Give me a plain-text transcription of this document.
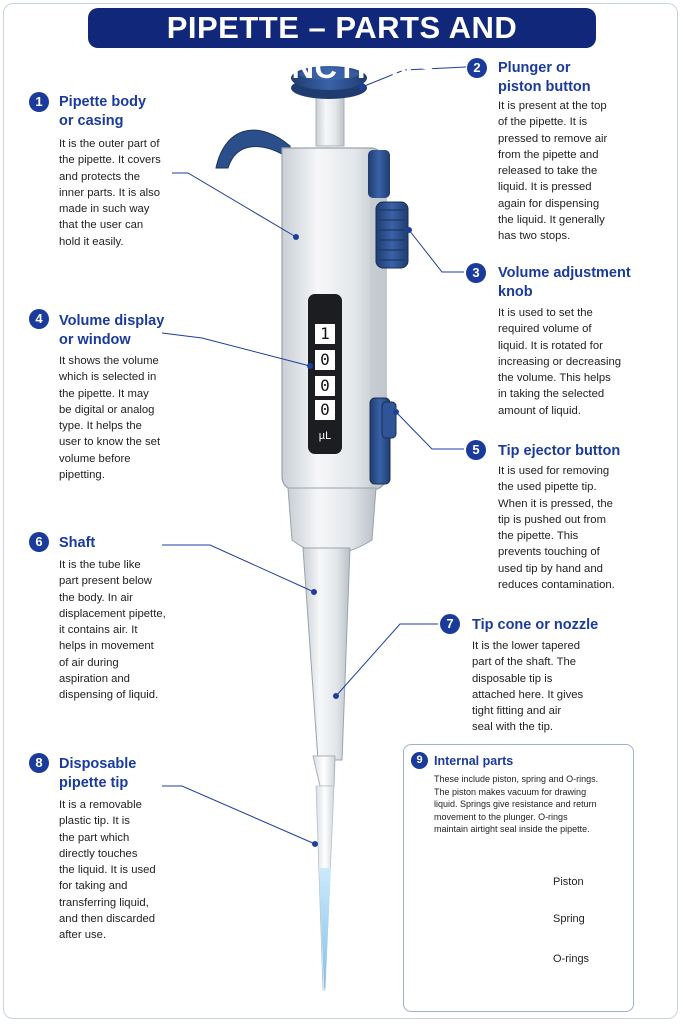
PIPETTE – PARTS AND FUNCTIONS
1
0
0
0
µL
1	Pipette body
or casing
It is the outer part of
the pipette. It covers
and protects the
inner parts. It is also
made in such way
that the user can
hold it easily.
2	Plunger or
piston button
It is present at the top
of the pipette. It is
pressed to remove air
from the pipette and
released to take the
liquid. It is pressed
again for dispensing
the liquid. It generally
has two stops.
3	Volume adjustment
knob
It is used to set the
required volume of
liquid. It is rotated for
increasing or decreasing
the volume. This helps
in taking the selected
amount of liquid.
4	Volume display
or window
It shows the volume
which is selected in
the pipette. It may
be digital or analog
type. It helps the
user to know the set
volume before
pipetting.
5	Tip ejector button
It is used for removing
the used pipette tip.
When it is pressed, the
tip is pushed out from
the pipette. This
prevents touching of
used tip by hand and
reduces contamination.
6	Shaft
It is the tube like
part present below
the body. In air
displacement pipette,
it contains air. It
helps in movement
of air during
aspiration and
dispensing of liquid.
7	Tip cone or nozzle
It is the lower tapered
part of the shaft. The
disposable tip is
attached here. It gives
tight fitting and air
seal with the tip.
8	Disposable
pipette tip
It is a removable
plastic tip. It is
the part which
directly touches
the liquid. It is used
for taking and
transferring liquid,
and then discarded
after use.
9 Internal parts
These include piston, spring and O-rings.
The piston makes vacuum for drawing
liquid. Springs give resistance and return
movement to the plunger. O-rings
maintain airtight seal inside the pipette.
Piston
Spring
O-rings
